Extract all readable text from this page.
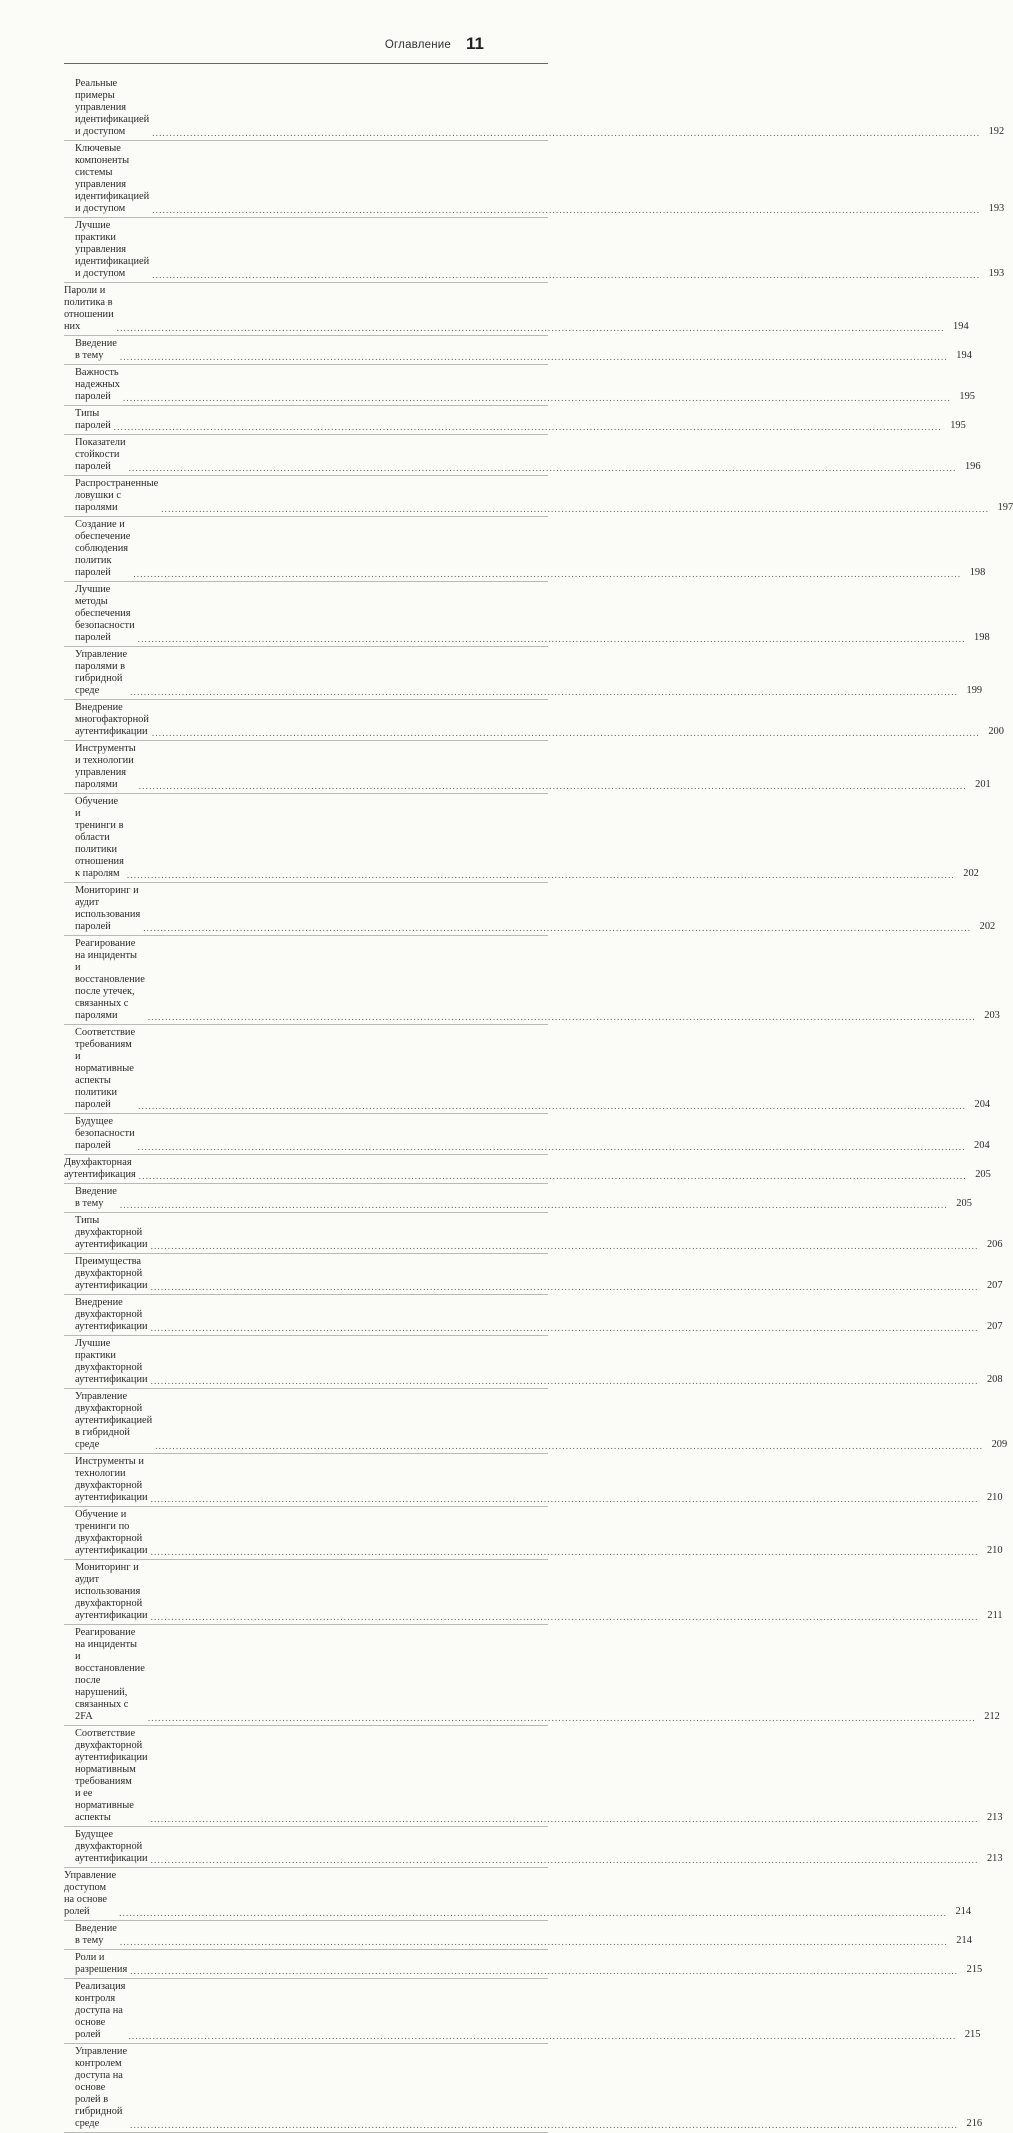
Оглавление 11
Реальные примеры управления идентификацией и доступом .....	192
Ключевые компоненты системы управления идентификацией и доступом .....	193
Лучшие практики управления идентификацией и доступом .....	193
Пароли и политика в отношении них .....	194
Введение в тему .....	194
Важность надежных паролей .....	195
Типы паролей .....	195
Показатели стойкости паролей .....	196
Распространенные ловушки с паролями .....	197
Создание и обеспечение соблюдения политик паролей .....	198
Лучшие методы обеспечения безопасности паролей .....	198
Управление паролями в гибридной среде .....	199
Внедрение многофакторной аутентификации .....	200
Инструменты и технологии управления паролями .....	201
Обучение и тренинги в области политики отношения к паролям .....	202
Мониторинг и аудит использования паролей .....	202
Реагирование на инциденты и восстановление после утечек,
связанных с паролями .....	203
Соответствие требованиям и нормативные аспекты политики паролей .....	204
Будущее безопасности паролей .....	204
Двухфакторная аутентификация .....	205
Введение в тему .....	205
Типы двухфакторной аутентификации .....	206
Преимущества двухфакторной аутентификации .....	207
Внедрение двухфакторной аутентификации .....	207
Лучшие практики двухфакторной аутентификации .....	208
Управление двухфакторной аутентификацией в гибридной среде .....	209
Инструменты и технологии двухфакторной аутентификации .....	210
Обучение и тренинги по двухфакторной аутентификации .....	210
Мониторинг и аудит использования двухфакторной аутентификации .....	211
Реагирование на инциденты и восстановление после нарушений,
связанных с 2FA .....	212
Соответствие двухфакторной аутентификации нормативным требованиям
и ее нормативные аспекты .....	213
Будущее двухфакторной аутентификации .....	213
Управление доступом на основе ролей .....	214
Введение в тему .....	214
Роли и разрешения .....	215
Реализация контроля доступа на основе ролей .....	215
Управление контролем доступа на основе ролей в гибридной среде .....	216
